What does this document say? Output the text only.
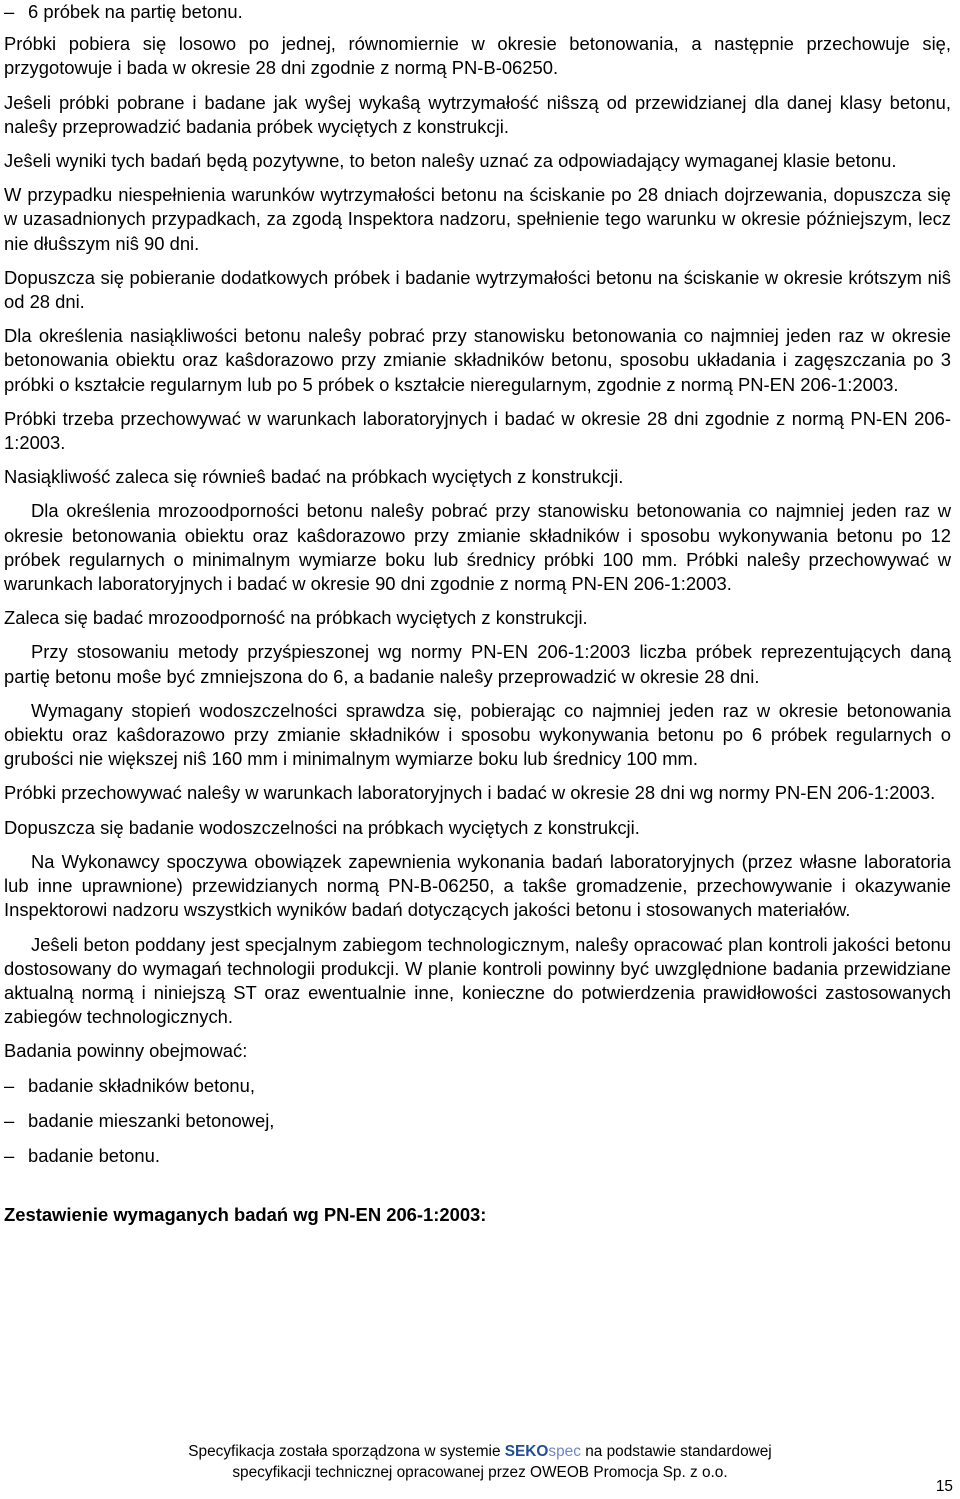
– 6 próbek na partię betonu.

Próbki pobiera się losowo po jednej, równomiernie w okresie betonowania, a następnie przechowuje się, przygotowuje i bada w okresie 28 dni zgodnie z normą PN-B-06250.

Jeŝeli próbki pobrane i badane jak wyŝej wykaŝą wytrzymałość niŝszą od przewidzianej dla danej klasy betonu, naleŝy przeprowadzić badania próbek wyciętych z konstrukcji.

Jeŝeli wyniki tych badań będą pozytywne, to beton naleŝy uznać za odpowiadający wymaganej klasie betonu.

W przypadku niespełnienia warunków wytrzymałości betonu na ściskanie po 28 dniach dojrzewania, dopuszcza się w uzasadnionych przypadkach, za zgodą Inspektora nadzoru, spełnienie tego warunku w okresie późniejszym, lecz nie dłuŝszym niŝ 90 dni.

Dopuszcza się pobieranie dodatkowych próbek i badanie wytrzymałości betonu na ściskanie w okresie krótszym niŝ od 28 dni.

Dla określenia nasiąkliwości betonu naleŝy pobrać przy stanowisku betonowania co najmniej jeden raz w okresie betonowania obiektu oraz kaŝdorazowo przy zmianie składników betonu, sposobu układania i zagęszczania po 3 próbki o kształcie regularnym lub po 5 próbek o kształcie nieregularnym, zgodnie z normą PN-EN 206-1:2003.

Próbki trzeba przechowywać w warunkach laboratoryjnych i badać w okresie 28 dni zgodnie z normą PN-EN 206-1:2003.

Nasiąkliwość zaleca się równieŝ badać na próbkach wyciętych z konstrukcji.

Dla określenia mrozoodporności betonu naleŝy pobrać przy stanowisku betonowania co najmniej jeden raz w okresie betonowania obiektu oraz kaŝdorazowo przy zmianie składników i sposobu wykonywania betonu po 12 próbek regularnych o minimalnym wymiarze boku lub średnicy próbki 100 mm. Próbki naleŝy przechowywać w warunkach laboratoryjnych i badać w okresie 90 dni zgodnie z normą PN-EN 206-1:2003.

Zaleca się badać mrozoodporność na próbkach wyciętych z konstrukcji.

Przy stosowaniu metody przyśpieszonej wg normy PN-EN 206-1:2003 liczba próbek reprezentujących daną partię betonu moŝe być zmniejszona do 6, a badanie naleŝy przeprowadzić w okresie 28 dni.

Wymagany stopień wodoszczelności sprawdza się, pobierając co najmniej jeden raz w okresie betonowania obiektu oraz kaŝdorazowo przy zmianie składników i sposobu wykonywania betonu po 6 próbek regularnych o grubości nie większej niŝ 160 mm i minimalnym wymiarze boku lub średnicy 100 mm.

Próbki przechowywać naleŝy w warunkach laboratoryjnych i badać w okresie 28 dni wg normy PN-EN 206-1:2003.

Dopuszcza się badanie wodoszczelności na próbkach wyciętych z konstrukcji.

Na Wykonawcy spoczywa obowiązek zapewnienia wykonania badań laboratoryjnych (przez własne laboratoria lub inne uprawnione) przewidzianych normą PN-B-06250, a takŝe gromadzenie, przechowywanie i okazywanie Inspektorowi nadzoru wszystkich wyników badań dotyczących jakości betonu i stosowanych materiałów.

Jeŝeli beton poddany jest specjalnym zabiegom technologicznym, naleŝy opracować plan kontroli jakości betonu dostosowany do wymagań technologii produkcji. W planie kontroli powinny być uwzględnione badania przewidziane aktualną normą i niniejszą ST oraz ewentualnie inne, konieczne do potwierdzenia prawidłowości zastosowanych zabiegów technologicznych.

Badania powinny obejmować:

– badanie składników betonu,
– badanie mieszanki betonowej,
– badanie betonu.

Zestawienie wymaganych badań wg PN-EN 206-1:2003:

Specyfikacja została sporządzona w systemie SEKOspec na podstawie standardowej
specyfikacji technicznej opracowanej przez OWEOB Promocja Sp. z o.o.
15
